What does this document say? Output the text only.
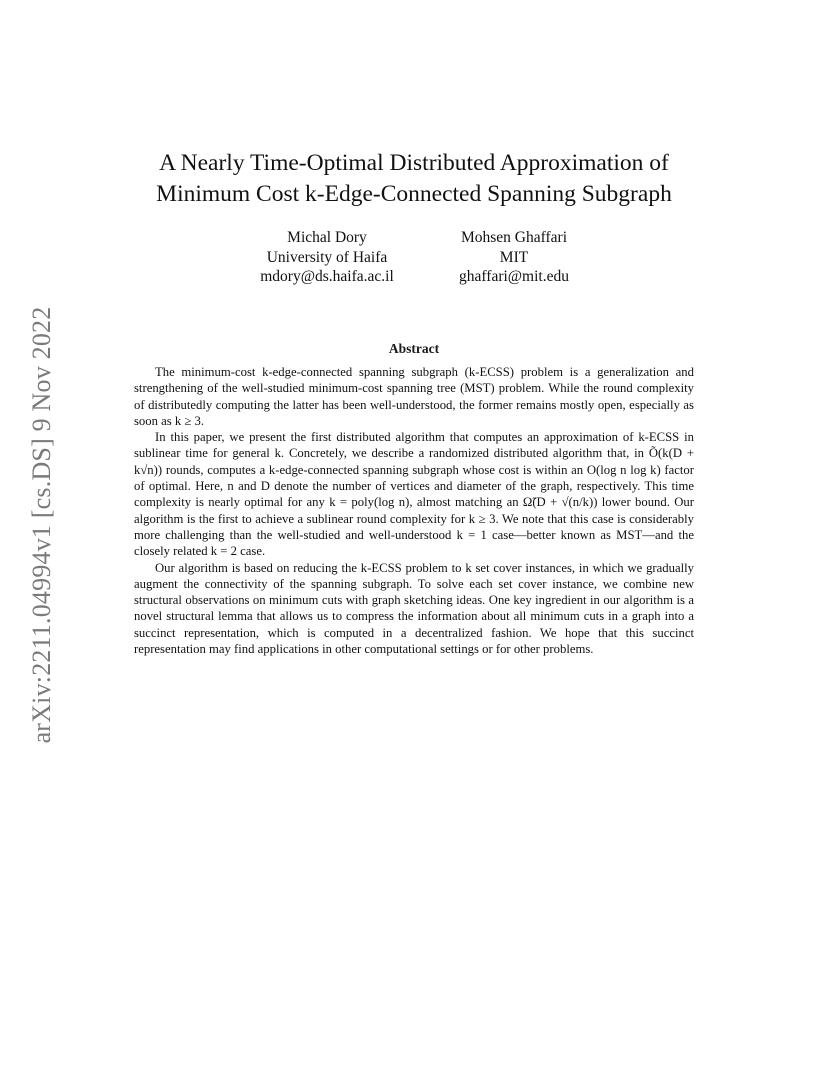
arXiv:2211.04994v1 [cs.DS] 9 Nov 2022
A Nearly Time-Optimal Distributed Approximation of
Minimum Cost k-Edge-Connected Spanning Subgraph
Michal Dory
University of Haifa
mdory@ds.haifa.ac.il
Mohsen Ghaffari
MIT
ghaffari@mit.edu
Abstract

The minimum-cost k-edge-connected spanning subgraph (k-ECSS) problem is a generalization and strengthening of the well-studied minimum-cost spanning tree (MST) problem. While the round complexity of distributedly computing the latter has been well-understood, the former remains mostly open, especially as soon as k ≥ 3.

In this paper, we present the first distributed algorithm that computes an approximation of k-ECSS in sublinear time for general k. Concretely, we describe a randomized distributed algorithm that, in Õ(k(D + k√n)) rounds, computes a k-edge-connected spanning subgraph whose cost is within an O(log n log k) factor of optimal. Here, n and D denote the number of vertices and diameter of the graph, respectively. This time complexity is nearly optimal for any k = poly(log n), almost matching an Ω̃(D + √(n/k)) lower bound. Our algorithm is the first to achieve a sublinear round complexity for k ≥ 3. We note that this case is considerably more challenging than the well-studied and well-understood k = 1 case—better known as MST—and the closely related k = 2 case.

Our algorithm is based on reducing the k-ECSS problem to k set cover instances, in which we gradually augment the connectivity of the spanning subgraph. To solve each set cover instance, we combine new structural observations on minimum cuts with graph sketching ideas. One key ingredient in our algorithm is a novel structural lemma that allows us to compress the information about all minimum cuts in a graph into a succinct representation, which is computed in a decentralized fashion. We hope that this succinct representation may find applications in other computational settings or for other problems.
